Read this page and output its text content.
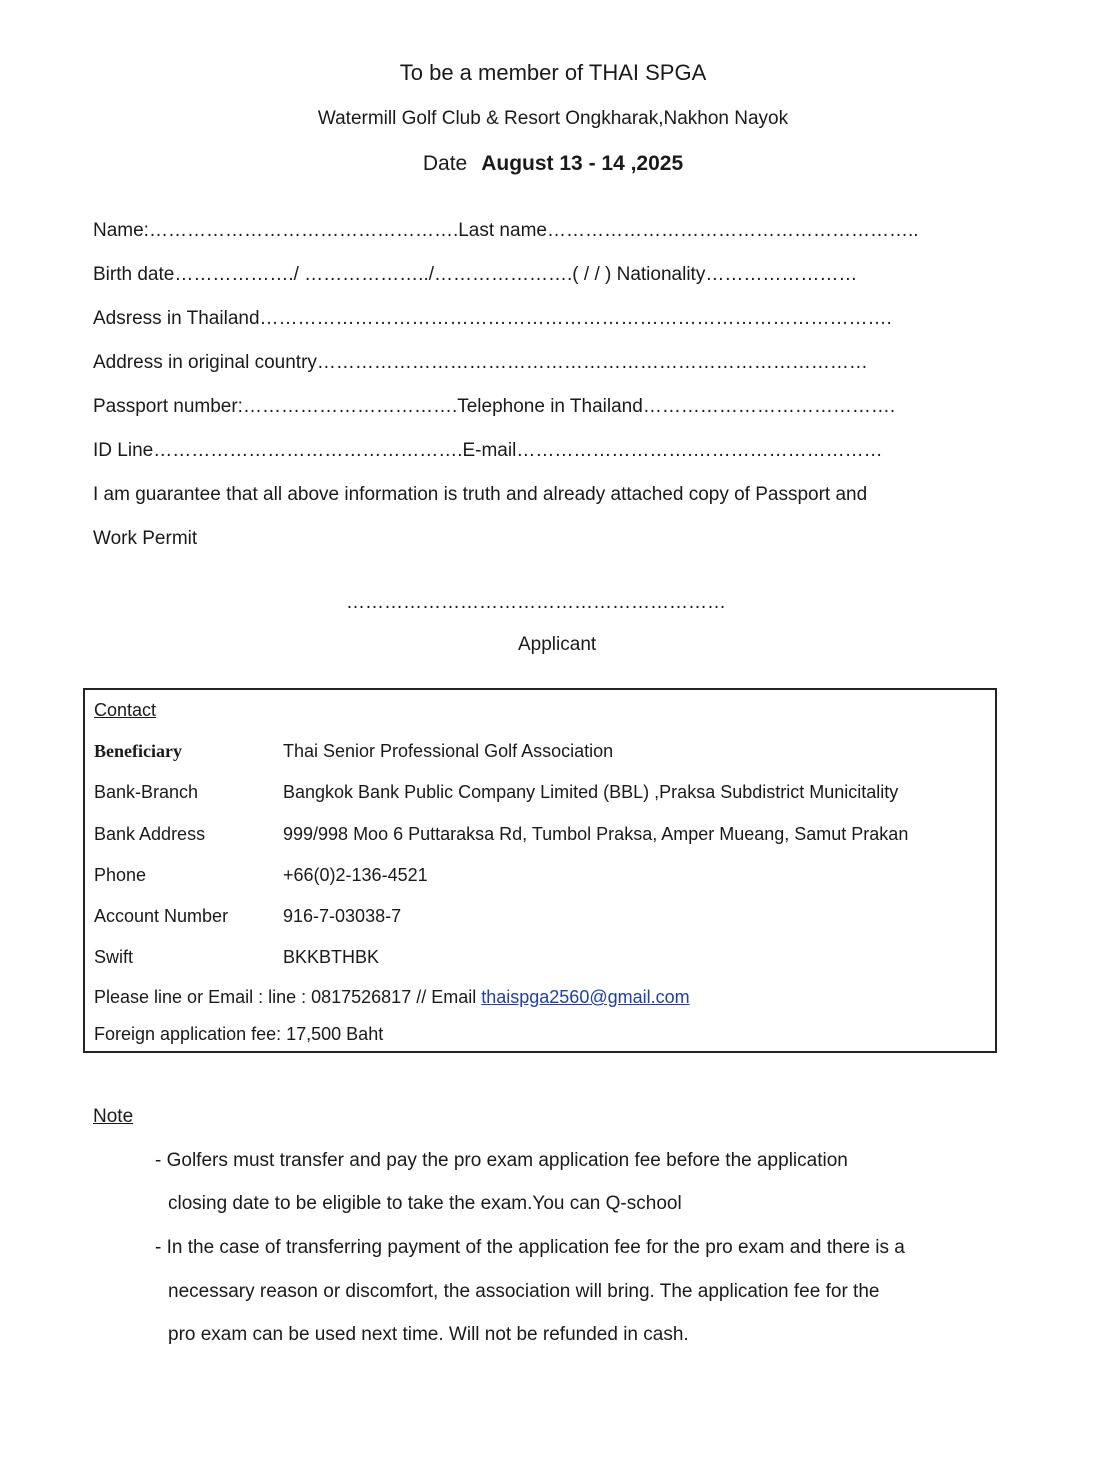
To be a member of THAI SPGA
Watermill Golf Club & Resort Ongkharak,Nakhon Nayok
Date August 13 - 14 ,2025
Name:………………………………………….Last name…………………………………………………..
Birth date………………./ ………………../………………….( / / ) Nationality……………………
Adsress in Thailand……………………………………………………………………………………….
Address in original country……………………………………………………………………………
Passport number:…………………………….Telephone in Thailand………………………………….
ID Line………………………………………….E-mail……………………….…………………………
I am guarantee that all above information is truth and already attached copy of Passport and
Work Permit
……………………………………………………
Applicant
Contact
Beneficiary	Thai Senior Professional Golf Association
Bank-Branch	Bangkok Bank Public Company Limited (BBL) ,Praksa Subdistrict Municitality
Bank Address	999/998 Moo 6 Puttaraksa Rd, Tumbol Praksa, Amper Mueang, Samut Prakan
Phone	+66(0)2-136-4521
Account Number	916-7-03038-7
Swift	BKKBTHBK
Please line or Email : line : 0817526817 // Email thaispga2560@gmail.com
Foreign application fee: 17,500 Baht
Note
- Golfers must transfer and pay the pro exam application fee before the application
closing date to be eligible to take the exam.You can Q-school
- In the case of transferring payment of the application fee for the pro exam and there is a
necessary reason or discomfort, the association will bring. The application fee for the
pro exam can be used next time. Will not be refunded in cash.
